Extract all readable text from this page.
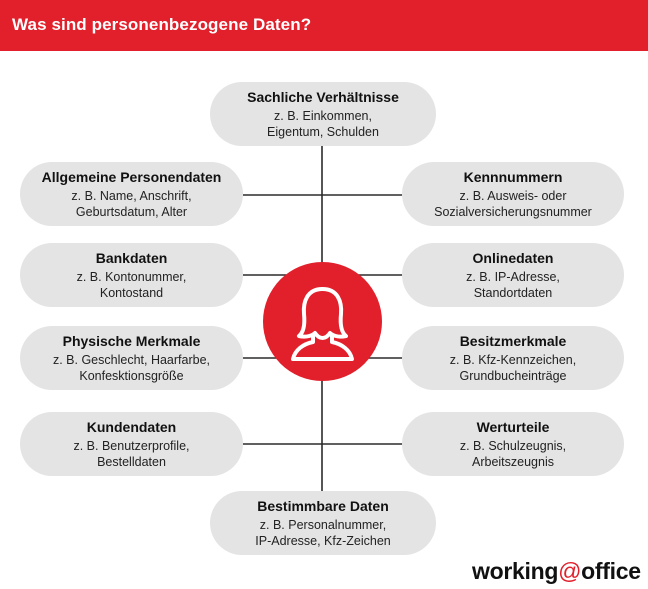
Was sind personenbezogene Daten?
Sachliche Verhältnisse
z. B. Einkommen,
Eigentum, Schulden
Allgemeine Personendaten
z. B. Name, Anschrift,
Geburtsdatum, Alter
Kennnummern
z. B. Ausweis- oder
Sozialversicherungsnummer
Bankdaten
z. B. Kontonummer,
Kontostand
Onlinedaten
z. B. IP-Adresse,
Standortdaten
Physische Merkmale
z. B. Geschlecht, Haarfarbe,
Konfesktionsgröße
Besitzmerkmale
z. B. Kfz-Kennzeichen,
Grundbucheinträge
Kundendaten
z. B. Benutzerprofile,
Bestelldaten
Werturteile
z. B. Schulzeugnis,
Arbeitszeugnis
Bestimmbare Daten
z. B. Personalnummer,
IP-Adresse, Kfz-Zeichen
working@office
